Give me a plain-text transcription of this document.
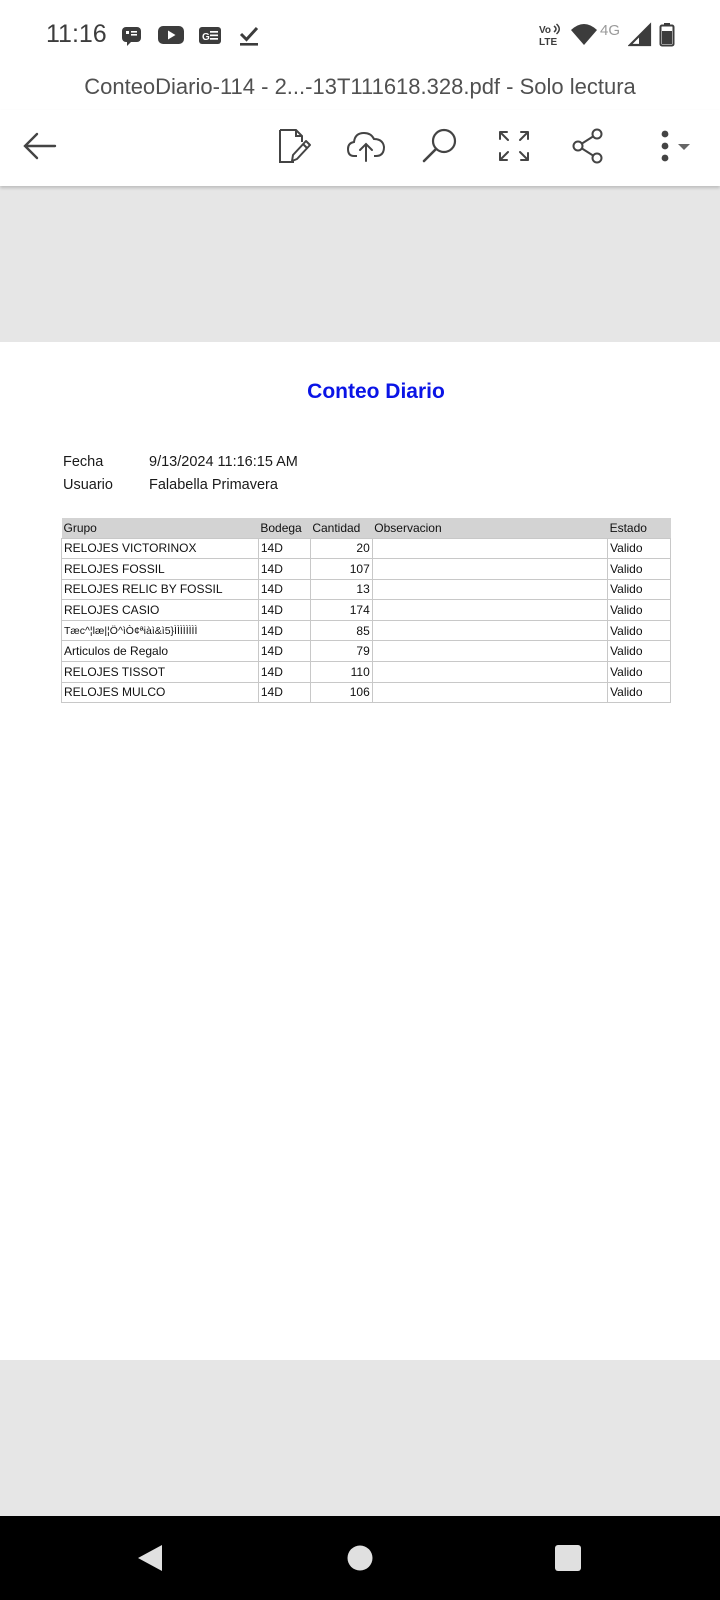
11:16	G
Vo
LTE
4G
ConteoDiario-114 - 2...-13T111618.328.pdf - Solo lectura
Conteo Diario
Fecha	9/13/2024 11:16:15 AM
Usuario Falabella Primavera
Grupo	Bodega	Cantidad	Observacion	Estado
RELOJES VICTORINOX	14D	20		Valido
RELOJES FOSSIL	14D	107		Valido
RELOJES RELIC BY FOSSIL	14D	13		Valido
RELOJES CASIO	14D	174		Valido
Tæc^¦læ|¦Ö^ìÒ¢ªiàì&ì5}ÌÌÌÌÌÌÌÌ	14D	85		Valido
Articulos de Regalo	14D	79		Valido
RELOJES TISSOT	14D	110		Valido
RELOJES MULCO	14D	106		Valido
